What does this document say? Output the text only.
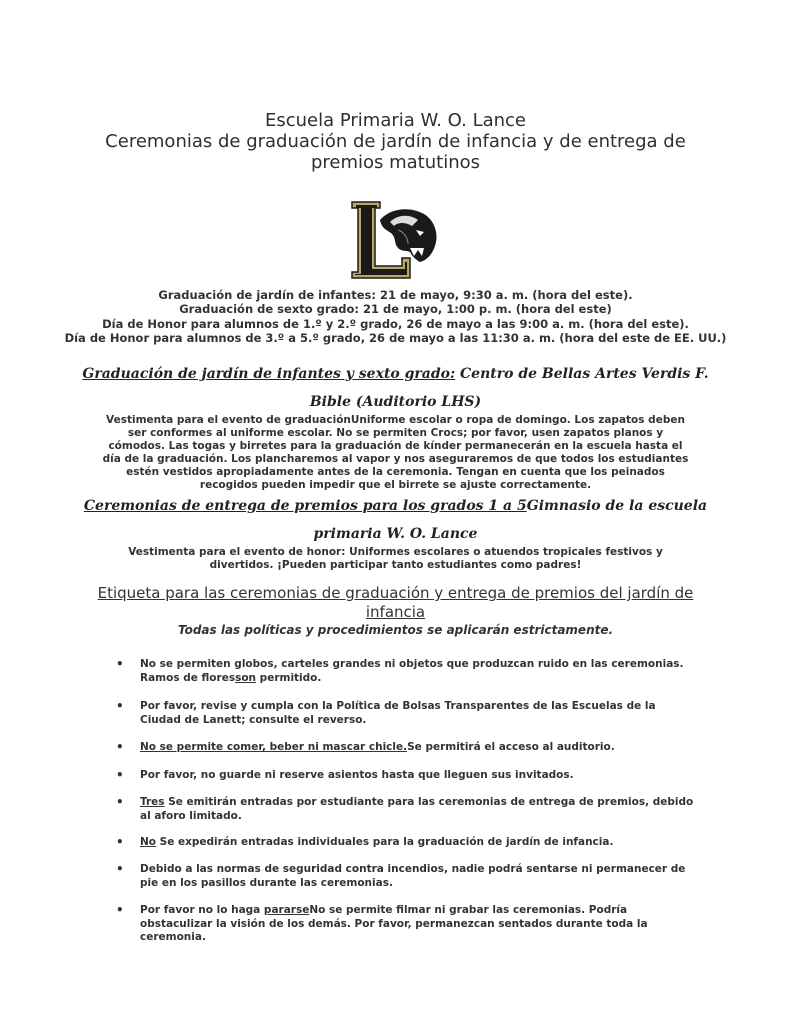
Escuela Primaria W. O. Lance
Ceremonias de graduación de jardín de infancia y de entrega de
premios matutinos
Graduación de jardín de infantes: 21 de mayo, 9:30 a. m. (hora del este).
Graduación de sexto grado: 21 de mayo, 1:00 p. m. (hora del este)
Día de Honor para alumnos de 1.º y 2.º grado, 26 de mayo a las 9:00 a. m. (hora del este).
Día de Honor para alumnos de 3.º a 5.º grado, 26 de mayo a las 11:30 a. m. (hora del este de EE. UU.)
Graduación de jardín de infantes y sexto grado: Centro de Bellas Artes Verdis F. Bible (Auditorio LHS)
Vestimenta para el evento de graduaciónUniforme escolar o ropa de domingo. Los zapatos deben ser conformes al uniforme escolar. No se permiten Crocs; por favor, usen zapatos planos y cómodos. Las togas y birretes para la graduación de kínder permanecerán en la escuela hasta el día de la graduación. Los plancharemos al vapor y nos aseguraremos de que todos los estudiantes estén vestidos apropiadamente antes de la ceremonia. Tengan en cuenta que los peinados recogidos pueden impedir que el birrete se ajuste correctamente.
Ceremonias de entrega de premios para los grados 1 a 5Gimnasio de la escuela primaria W. O. Lance
Vestimenta para el evento de honor: Uniformes escolares o atuendos tropicales festivos y divertidos. ¡Pueden participar tanto estudiantes como padres!
Etiqueta para las ceremonias de graduación y entrega de premios del jardín de infancia
Todas las políticas y procedimientos se aplicarán estrictamente.
• No se permiten globos, carteles grandes ni objetos que produzcan ruido en las ceremonias. Ramos de floresson permitido.
• Por favor, revise y cumpla con la Política de Bolsas Transparentes de las Escuelas de la Ciudad de Lanett; consulte el reverso.
• No se permite comer, beber ni mascar chicle.Se permitirá el acceso al auditorio.
• Por favor, no guarde ni reserve asientos hasta que lleguen sus invitados.
• Tres Se emitirán entradas por estudiante para las ceremonias de entrega de premios, debido al aforo limitado.
• No Se expedirán entradas individuales para la graduación de jardín de infancia.
• Debido a las normas de seguridad contra incendios, nadie podrá sentarse ni permanecer de pie en los pasillos durante las ceremonias.
• Por favor no lo haga pararseNo se permite filmar ni grabar las ceremonias. Podría obstaculizar la visión de los demás. Por favor, permanezcan sentados durante toda la ceremonia.
